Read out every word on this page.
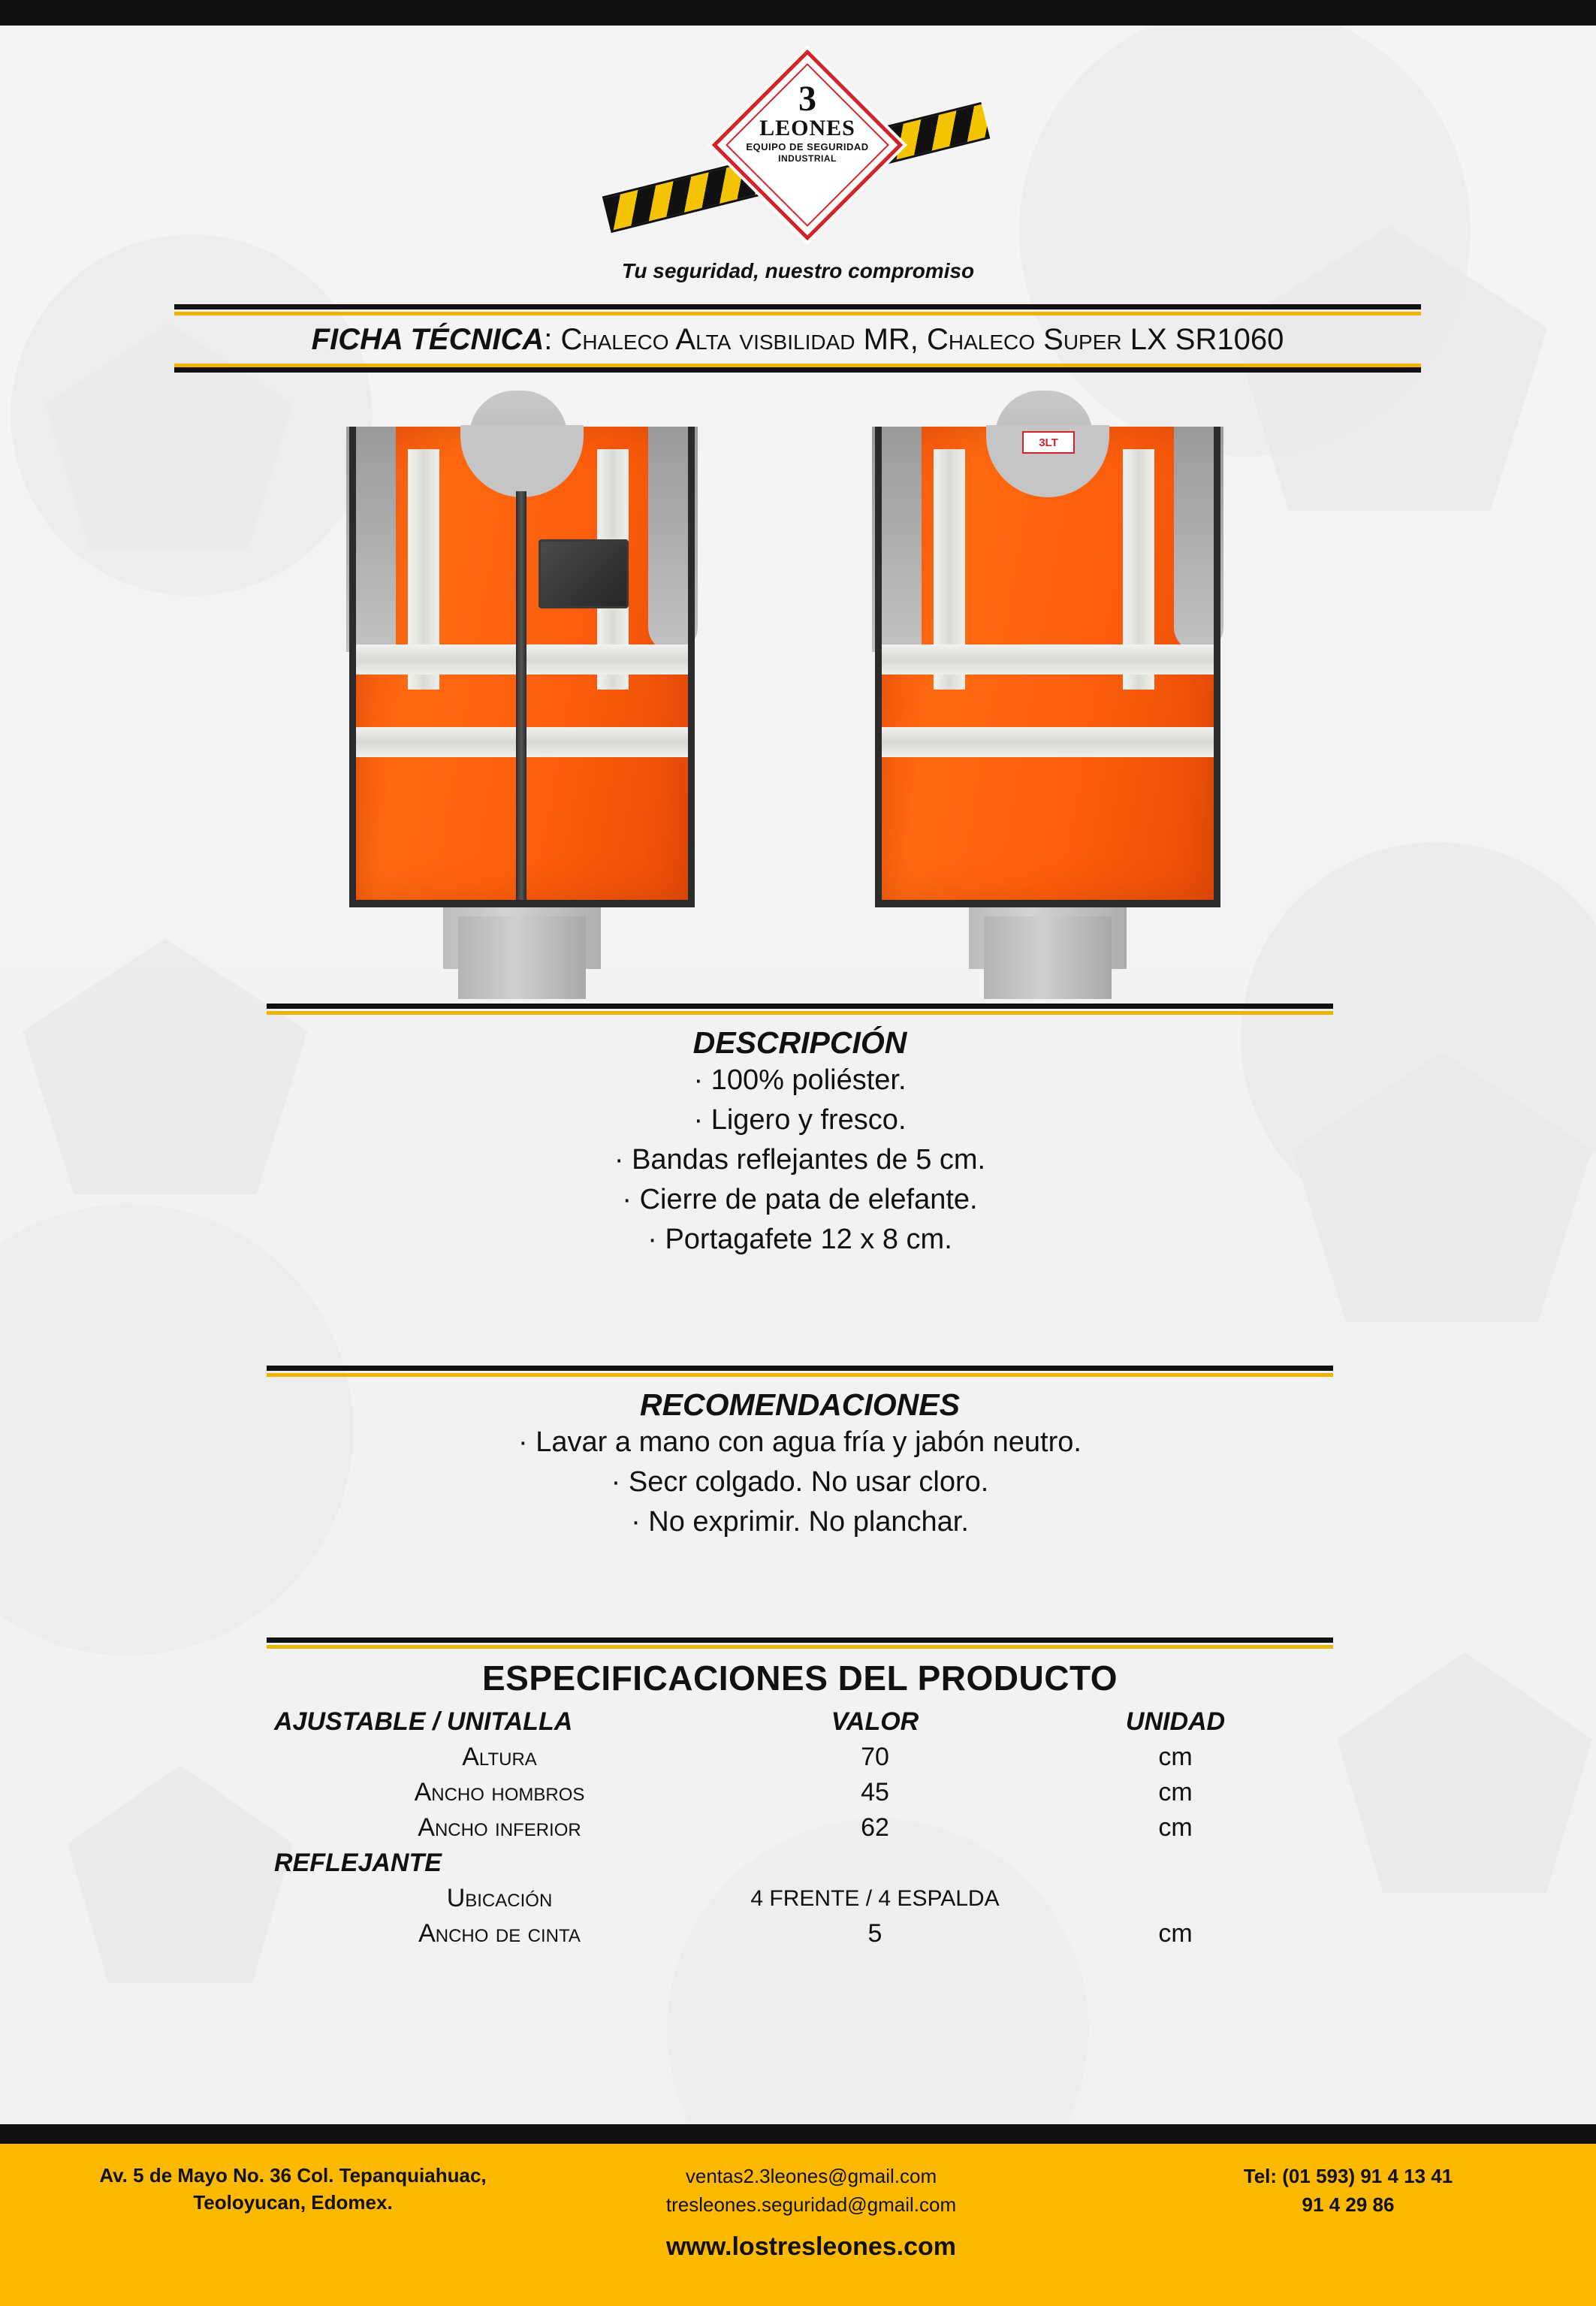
3
LEONES
EQUIPO DE SEGURIDAD
INDUSTRIAL
Tu seguridad, nuestro compromiso
FICHA TÉCNICA: Chaleco Alta visbilidad MR, Chaleco Super LX SR1060
3LT
DESCRIPCIÓN
· 100% poliéster.
· Ligero y fresco.
· Bandas reflejantes de 5 cm.
· Cierre de pata de elefante.
· Portagafete 12 x 8 cm.
RECOMENDACIONES
· Lavar a mano con agua fría y jabón neutro.
· Secr colgado. No usar cloro.
· No exprimir. No planchar.
ESPECIFICACIONES DEL PRODUCTO
AJUSTABLE / UNITALLA	VALOR	UNIDAD
Altura	70	cm
Ancho hombros	45	cm
Ancho inferior	62	cm
REFLEJANTE		
Ubicación	4 FRENTE / 4 ESPALDA	
Ancho de cinta	5	cm
Av. 5 de Mayo No. 36 Col. Tepanquiahuac,
Teoloyucan, Edomex.
ventas2.3leones@gmail.com
tresleones.seguridad@gmail.com
Tel: (01 593) 91 4 13 41
91 4 29 86
www.lostresleones.com
